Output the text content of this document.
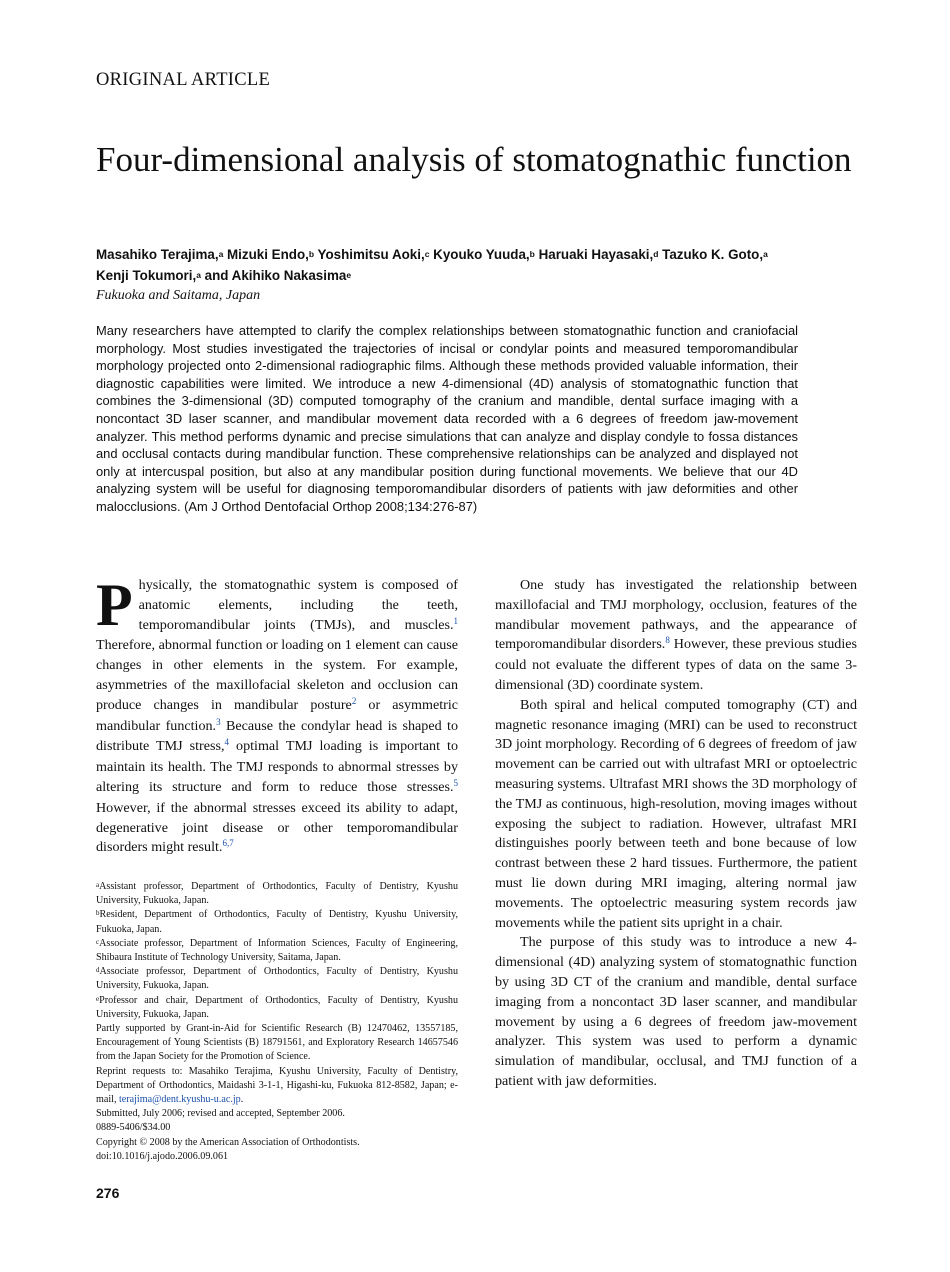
ORIGINAL ARTICLE
Four-dimensional analysis of stomatognathic function
Masahiko Terajima,$^a$ Mizuki Endo,$^b$ Yoshimitsu Aoki,$^c$ Kyouko Yuuda,$^b$ Haruaki Hayasaki,$^d$ Tazuko K. Goto,$^a$
Kenji Tokumori,$^a$ and Akihiko Nakasima$^e$
Fukuoka and Saitama, Japan

Many researchers have attempted to clarify the complex relationships between stomatognathic function and craniofacial morphology. Most studies investigated the trajectories of incisal or condylar points and measured temporomandibular morphology projected onto 2-dimensional radiographic films. Although these methods provided valuable information, their diagnostic capabilities were limited. We introduce a new 4-dimensional (4D) analysis of stomatognathic function that combines the 3-dimensional (3D) computed tomography of the cranium and mandible, dental surface imaging with a noncontact 3D laser scanner, and mandibular movement data recorded with a 6 degrees of freedom jaw-movement analyzer. This method performs dynamic and precise simulations that can analyze and display condyle to fossa distances and occlusal contacts during mandibular function. These comprehensive relationships can be analyzed and displayed not only at intercuspal position, but also at any mandibular position during functional movements. We believe that our 4D analyzing system will be useful for diagnosing temporomandibular disorders of patients with jaw deformities and other malocclusions. (Am J Orthod Dentofacial Orthop 2008;134:276-87)

Physically, the stomatognathic system is composed of anatomic elements, including the teeth, temporomandibular joints (TMJs), and muscles.$^1$ Therefore, abnormal function or loading on 1 element can cause changes in other elements in the system. For example, asymmetries of the maxillofacial skeleton and occlusion can produce changes in mandibular posture$^2$ or asymmetric mandibular function.$^3$ Because the condylar head is shaped to distribute TMJ stress,$^4$ optimal TMJ loading is important to maintain its health. The TMJ responds to abnormal stresses by altering its structure and form to reduce those stresses.$^5$ However, if the abnormal stresses exceed its ability to adapt, degenerative joint disease or other temporomandibular disorders might result.$^{6,7}$

$^a$Assistant professor, Department of Orthodontics, Faculty of Dentistry, Kyushu University, Fukuoka, Japan.

$^b$Resident, Department of Orthodontics, Faculty of Dentistry, Kyushu University, Fukuoka, Japan.

$^c$Associate professor, Department of Information Sciences, Faculty of Engineering, Shibaura Institute of Technology University, Saitama, Japan.

$^d$Associate professor, Department of Orthodontics, Faculty of Dentistry, Kyushu University, Fukuoka, Japan.

$^e$Professor and chair, Department of Orthodontics, Faculty of Dentistry, Kyushu University, Fukuoka, Japan.

Partly supported by Grant-in-Aid for Scientific Research (B) 12470462, 13557185, Encouragement of Young Scientists (B) 18791561, and Exploratory Research 14657546 from the Japan Society for the Promotion of Science.

Reprint requests to: Masahiko Terajima, Kyushu University, Faculty of Dentistry, Department of Orthodontics, Maidashi 3-1-1, Higashi-ku, Fukuoka 812-8582, Japan; e-mail, terajima@dent.kyushu-u.ac.jp.

Submitted, July 2006; revised and accepted, September 2006.

0889-5406/$34.00

Copyright © 2008 by the American Association of Orthodontists.

doi:10.1016/j.ajodo.2006.09.061

One study has investigated the relationship between maxillofacial and TMJ morphology, occlusion, features of the mandibular movement pathways, and the appearance of temporomandibular disorders.$^8$ However, these previous studies could not evaluate the different types of data on the same 3-dimensional (3D) coordinate system.

Both spiral and helical computed tomography (CT) and magnetic resonance imaging (MRI) can be used to reconstruct 3D joint morphology. Recording of 6 degrees of freedom of jaw movement can be carried out with ultrafast MRI or optoelectric measuring systems. Ultrafast MRI shows the 3D morphology of the TMJ as continuous, high-resolution, moving images without exposing the subject to radiation. However, ultrafast MRI distinguishes poorly between teeth and bone because of low contrast between these 2 hard tissues. Furthermore, the patient must lie down during MRI imaging, altering normal jaw movements. The optoelectric measuring system records jaw movements while the patient sits upright in a chair.

The purpose of this study was to introduce a new 4-dimensional (4D) analyzing system of stomatognathic function by using 3D CT of the cranium and mandible, dental surface imaging from a noncontact 3D laser scanner, and mandibular movement by using a 6 degrees of freedom jaw-movement analyzer. This system was used to perform a dynamic simulation of mandibular, occlusal, and TMJ function of a patient with jaw deformities.

276
